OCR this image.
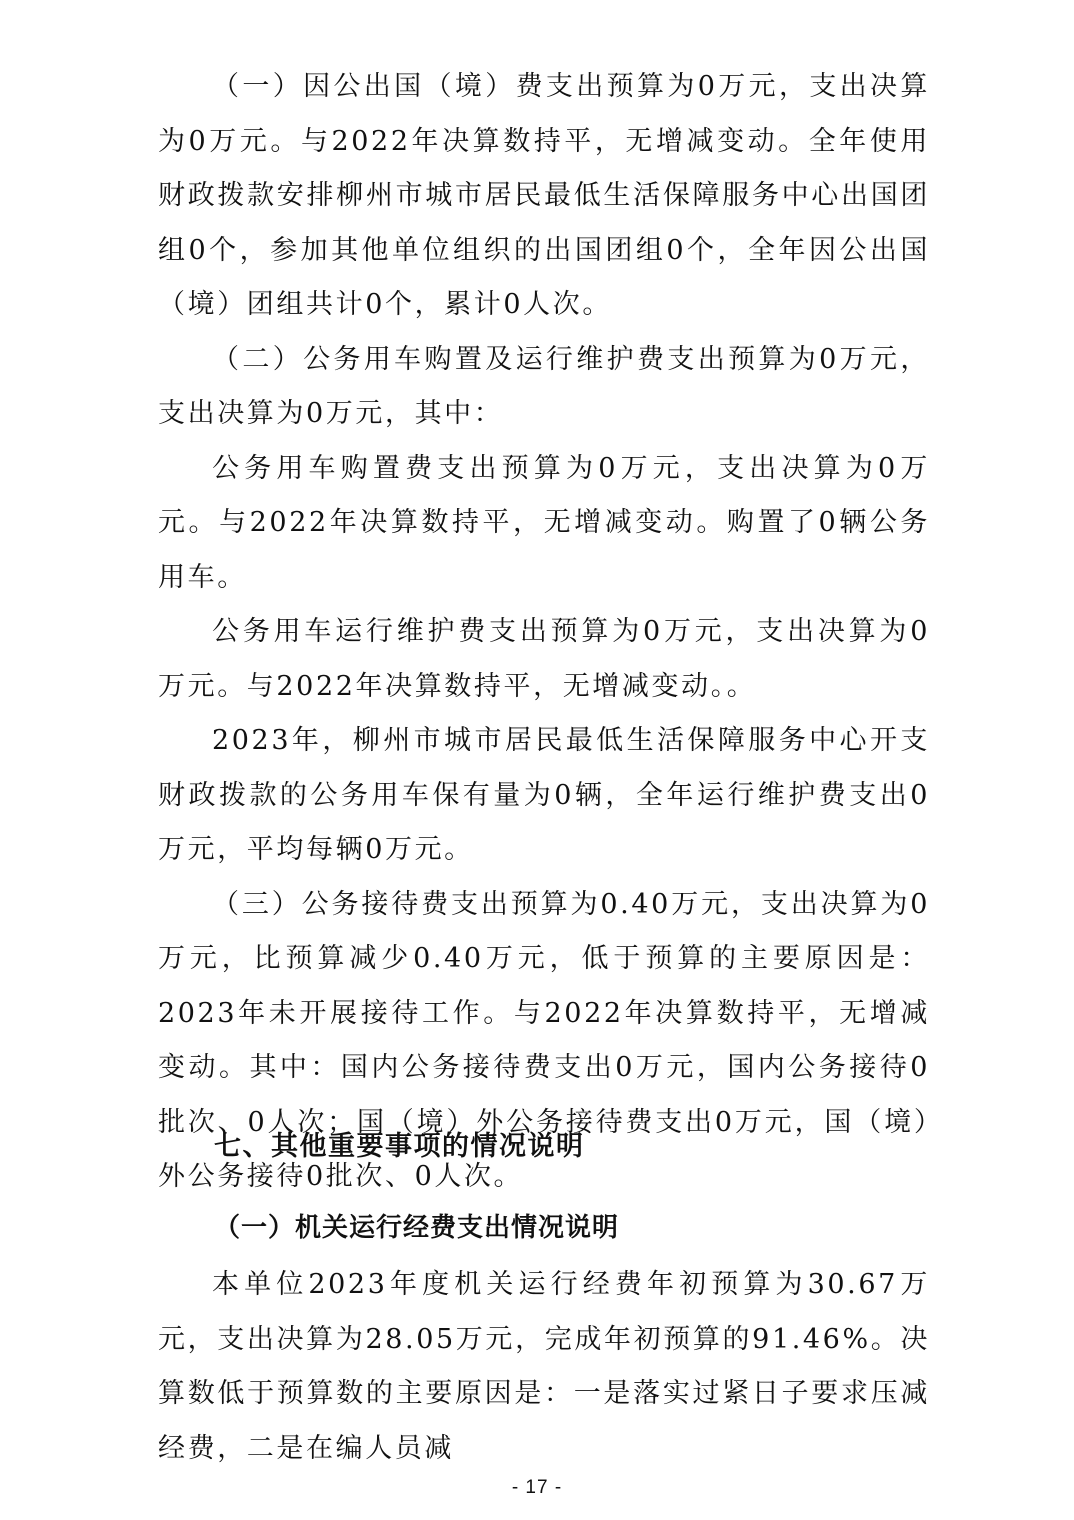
（一）因公出国（境）费支出预算为0万元，支出决算为0万元。与2022年决算数持平，无增减变动。全年使用财政拨款安排柳州市城市居民最低生活保障服务中心出国团组0个，参加其他单位组织的出国团组0个，全年因公出国（境）团组共计0个，累计0人次。

（二）公务用车购置及运行维护费支出预算为0万元，支出决算为0万元，其中：

公务用车购置费支出预算为0万元，支出决算为0万元。与2022年决算数持平，无增减变动。购置了0辆公务用车。

公务用车运行维护费支出预算为0万元，支出决算为0万元。与2022年决算数持平，无增减变动。。

2023年，柳州市城市居民最低生活保障服务中心开支财政拨款的公务用车保有量为0辆，全年运行维护费支出0万元，平均每辆0万元。

（三）公务接待费支出预算为0.40万元，支出决算为0万元，比预算减少0.40万元，低于预算的主要原因是：2023年未开展接待工作。与2022年决算数持平，无增减变动。其中：国内公务接待费支出0万元，国内公务接待0批次、0人次；国（境）外公务接待费支出0万元，国（境）外公务接待0批次、0人次。

七、其他重要事项的情况说明
（一）机关运行经费支出情况说明

本单位2023年度机关运行经费年初预算为30.67万元，支出决算为28.05万元，完成年初预算的91.46%。决算数低于预算数的主要原因是：一是落实过紧日子要求压减经费，二是在编人员减

- 17 -
